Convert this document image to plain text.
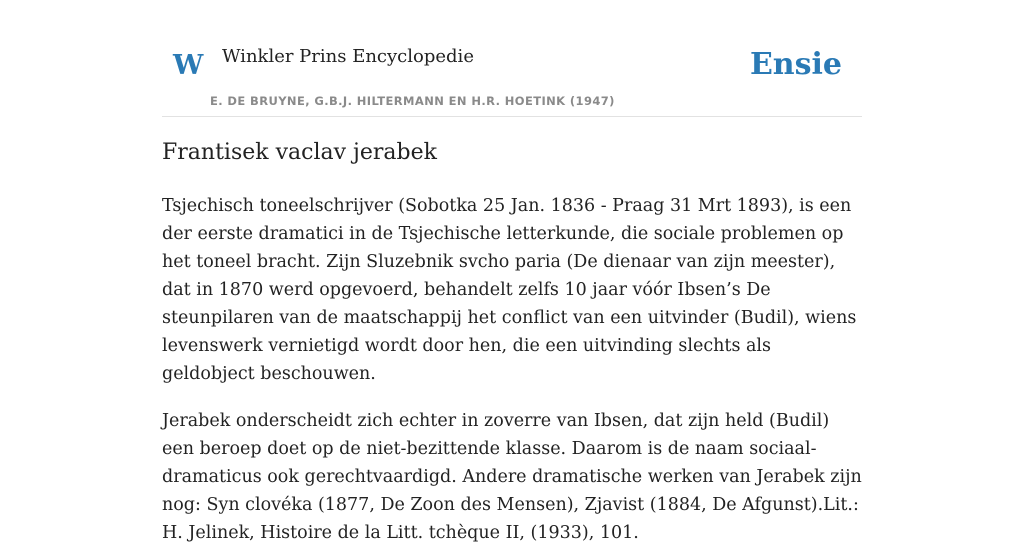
W Winkler Prins Encyclopedie
E. DE BRUYNE, G.B.J. HILTERMANN EN H.R. HOETINK (1947)
Ensie
Frantisek vaclav jerabek

Tsjechisch toneelschrijver (Sobotka 25 Jan. 1836 - Praag 31 Mrt 1893), is een der eerste dramatici in de Tsjechische letterkunde, die sociale problemen op het toneel bracht. Zijn Sluzebnik svcho paria (De dienaar van zijn meester), dat in 1870 werd opgevoerd, behandelt zelfs 10 jaar vóór Ibsen’s De steunpilaren van de maatschappij het conflict van een uitvinder (Budil), wiens levenswerk vernietigd wordt door hen, die een uitvinding slechts als geldobject beschouwen.

Jerabek onderscheidt zich echter in zoverre van Ibsen, dat zijn held (Budil) een beroep doet op de niet-bezittende klasse. Daarom is de naam sociaal-dramaticus ook gerechtvaardigd. Andere dramatische werken van Jerabek zijn nog: Syn clovéka (1877, De Zoon des Mensen), Zjavist (1884, De Afgunst).Lit.: H. Jelinek, Histoire de la Litt. tchèque II, (1933), 101.
